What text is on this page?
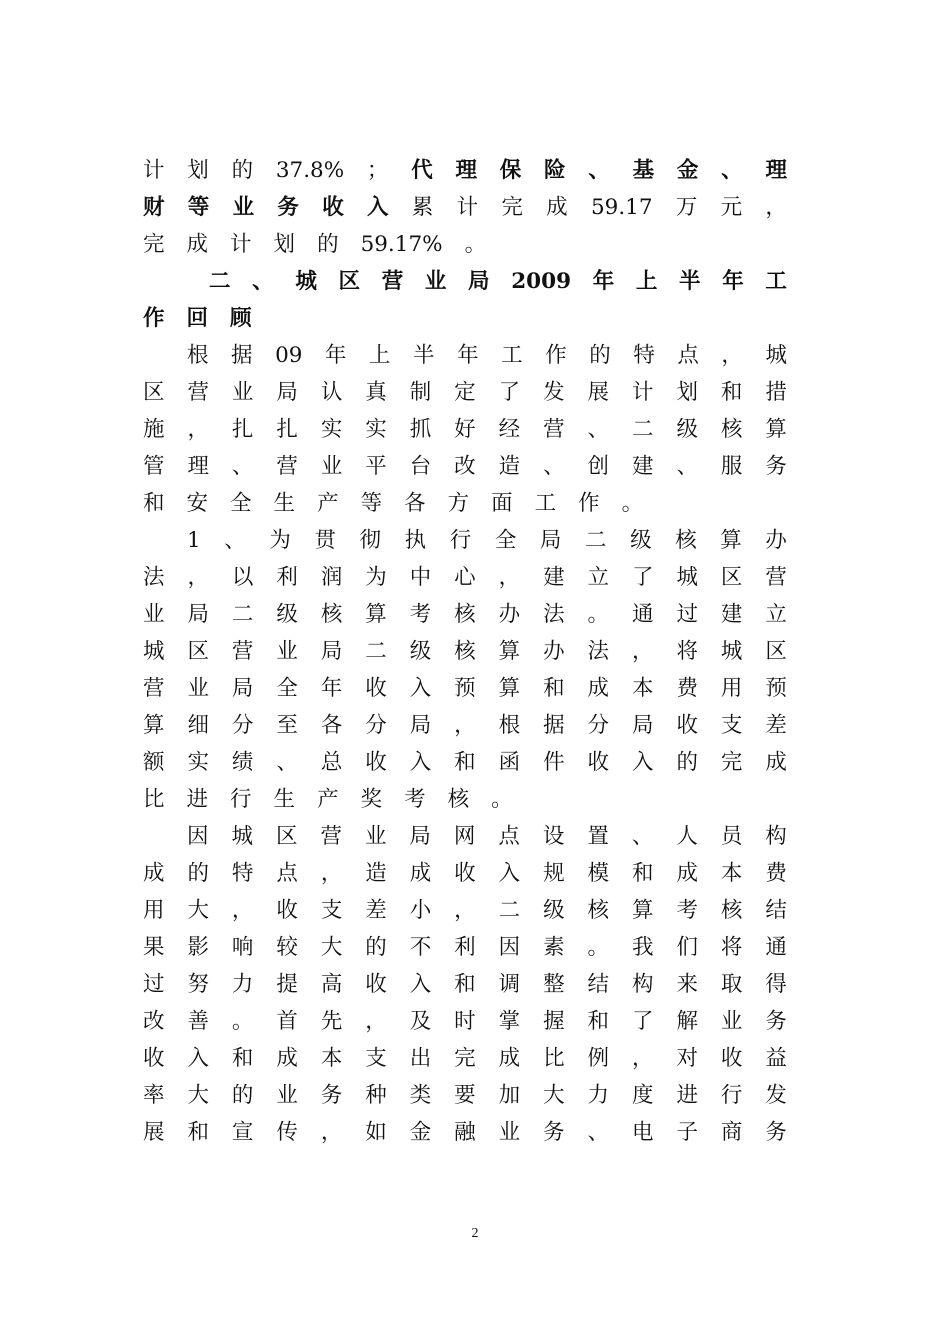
计 划 的 37.8% ； 代 理 保 险 、 基 金 、 理
财 等 业 务 收 入 累 计 完 成 59.17 万 元 ，
完 成 计 划 的 59.17% 。
二 、 城 区 营 业 局 2009 年 上 半 年 工
作 回 顾
根 据 09 年 上 半 年 工 作 的 特 点 ， 城
区 营 业 局 认 真 制 定 了 发 展 计 划 和 措
施 ， 扎 扎 实 实 抓 好 经 营 、 二 级 核 算
管 理 、 营 业 平 台 改 造 、 创 建 、 服 务
和 安 全 生 产 等 各 方 面 工 作 。
1 、 为 贯 彻 执 行 全 局 二 级 核 算 办
法 ， 以 利 润 为 中 心 ， 建 立 了 城 区 营
业 局 二 级 核 算 考 核 办 法 。 通 过 建 立
城 区 营 业 局 二 级 核 算 办 法 ， 将 城 区
营 业 局 全 年 收 入 预 算 和 成 本 费 用 预
算 细 分 至 各 分 局 ， 根 据 分 局 收 支 差
额 实 绩 、 总 收 入 和 函 件 收 入 的 完 成
比 进 行 生 产 奖 考 核 。
因 城 区 营 业 局 网 点 设 置 、 人 员 构
成 的 特 点 ， 造 成 收 入 规 模 和 成 本 费
用 大 ， 收 支 差 小 ， 二 级 核 算 考 核 结
果 影 响 较 大 的 不 利 因 素 。 我 们 将 通
过 努 力 提 高 收 入 和 调 整 结 构 来 取 得
改 善 。 首 先 ， 及 时 掌 握 和 了 解 业 务
收 入 和 成 本 支 出 完 成 比 例 ， 对 收 益
率 大 的 业 务 种 类 要 加 大 力 度 进 行 发
展 和 宣 传 ， 如 金 融 业 务 、 电 子 商 务
2
